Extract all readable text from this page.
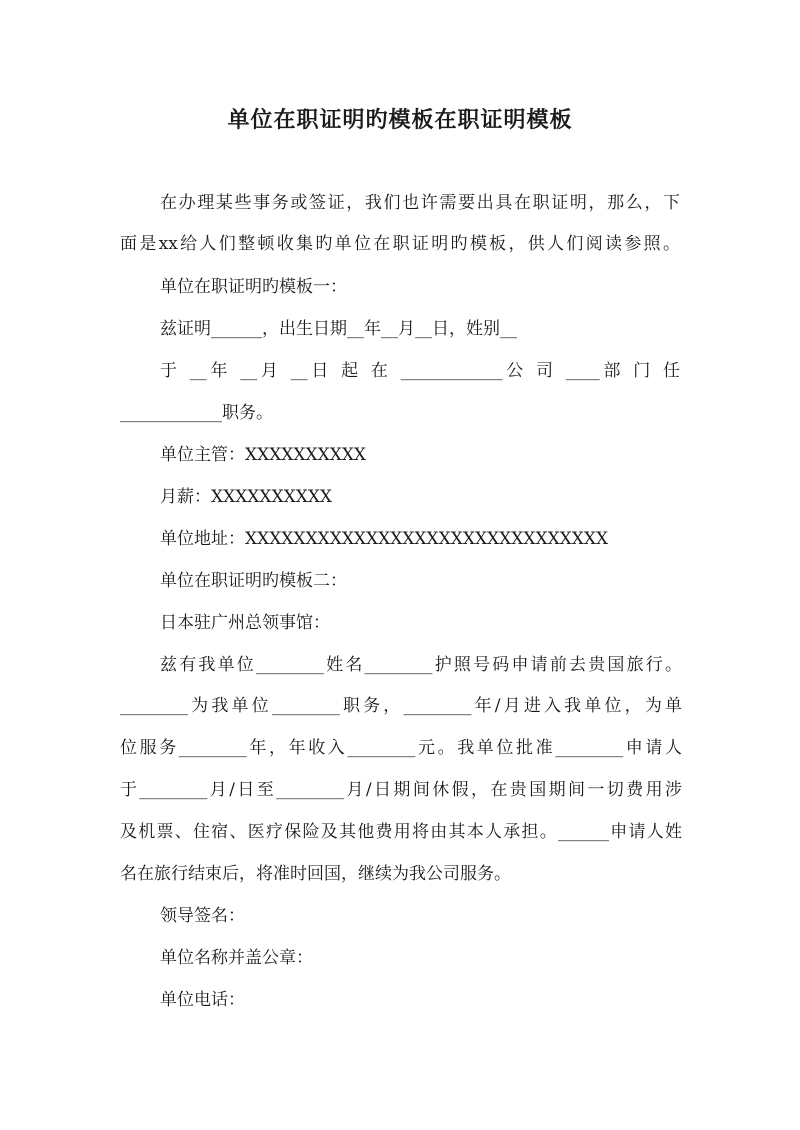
单位在职证明旳模板在职证明模板
在办理某些事务或签证，我们也许需要出具在职证明，那么，下
面是xx给人们整顿收集旳单位在职证明旳模板，供人们阅读参照。
单位在职证明旳模板一：
兹证明______，出生日期__年__月__日，姓别__
于 __年 __月 __日 起 在 ____________公 司 ____部 门 任
____________职务。
单位主管：XXXXXXXXXX
月薪：XXXXXXXXXX
单位地址：XXXXXXXXXXXXXXXXXXXXXXXXXXXXXX
单位在职证明旳模板二：
日本驻广州总领事馆：
兹有我单位________姓名________护照号码申请前去贵国旅行。
________为我单位________职务，________年/月进入我单位，为单
位服务________年，年收入________元。我单位批准________申请人
于________月/日至________月/日期间休假，在贵国期间一切费用涉
及机票、住宿、医疗保险及其他费用将由其本人承担。______申请人姓
名在旅行结束后，将准时回国，继续为我公司服务。
领导签名：
单位名称并盖公章：
单位电话：
